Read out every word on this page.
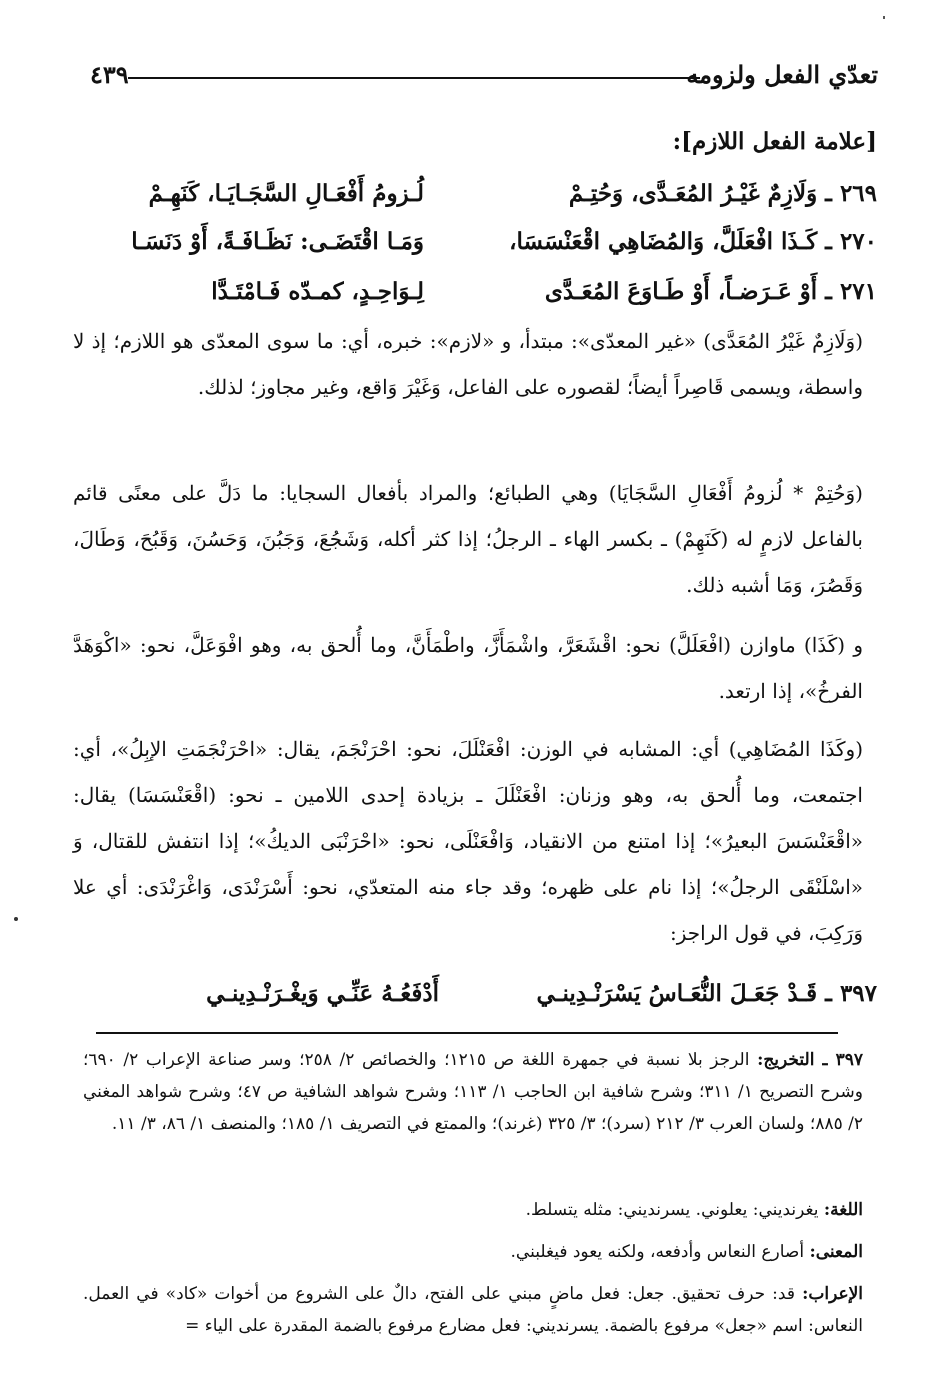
تعدّي الفعل ولزومه
٤٣٩
[علامة الفعل اللازم]:
٢٦٩ ـ وَلَازِمٌ غَيْـرُ المُعَـدَّى، وَحُتِـمْ
لُـزومُ أَفْعَـالِ السَّجَـايَـا، كَنَهِـمْ
٢٧٠ ـ كَـذَا افْعَلَلَّ، وَالمُضَاهِي اقْعَنْسَسَا،
وَمَـا اقْتَضَـى: نَظَـافَـةً، أَوْ دَنَسَـا
٢٧١ ـ أَوْ عَـرَضـاً، أَوْ طَـاوَعَ المُعَـدَّى
لِـوَاحِـدٍ، كمـدّه فَـامْتَـدَّا

(وَلَازِمٌ غَيْرُ المُعَدَّى) «غير المعدّى»: مبتدأ، و «لازم»: خبره، أي: ما سوى المعدّى هو اللازم؛ إذ لا واسطة، ويسمى قَاصِراً أيضاً؛ لقصوره على الفاعل، وَغَيْرَ وَاقع، وغير مجاوز؛ لذلك.

(وَحُتِمْ * لُزومُ أَفْعَالِ السَّجَايَا) وهي الطبائع؛ والمراد بأفعال السجايا: ما دَلَّ على معنًى قائم بالفاعل لازمٍ له (كَنَهِمْ) ـ بكسر الهاء ـ الرجلُ؛ إذا كثر أكله، وَشَجُعَ، وَجَبُنَ، وَحَسُنَ، وَقَبُحَ، وَطَالَ، وَقَصُرَ، وَمَا أشبه ذلك.

و (كَذَا) ماوازن (افْعَلَلَّ) نحو: اقْشَعَرَّ، واشْمَأَزَّ، واطْمَأَنَّ، وما أُلحق به، وهو افْوَعَلَّ، نحو: «اكْوَهَدَّ الفرخُ»، إذا ارتعد.

(وكَذَا المُضَاهِي) أي: المشابه في الوزن: افْعَنْلَلَ، نحو: احْرَنْجَمَ، يقال: «احْرَنْجَمَتِ الإبِلُ»، أي: اجتمعت، وما أُلحق به، وهو وزنان: افْعَنْلَلَ ـ بزيادة إحدى اللامين ـ نحو: (اقْعَنْسَسَا) يقال: «اقْعَنْسَسَ البعيرُ»؛ إذا امتنع من الانقياد، وَافْعَنْلَى، نحو: «احْرَنْبَى الديكُ»؛ إذا انتفش للقتال، وَ «اسْلَنْقَى الرجلُ»؛ إذا نام على ظهره؛ وقد جاء منه المتعدّي، نحو: أَسْرَنْدَى، وَاغْرَنْدَى: أي علا وَرَكِبَ، في قول الراجز:

٣٩٧ ـ قَـدْ جَعَـلَ النُّعَـاسُ يَسْرَنْـدِينـي
أَدْفَعُـهُ عَنِّـي وَيغْـرَنْـدِينـي

٣٩٧ ـ التخريج: الرجز بلا نسبة في جمهرة اللغة ص ١٢١٥؛ والخصائص ٢/ ٢٥٨؛ وسر صناعة الإعراب ٢/ ٦٩٠؛ وشرح التصريح ١/ ٣١١؛ وشرح شافية ابن الحاجب ١/ ١١٣؛ وشرح شواهد الشافية ص ٤٧؛ وشرح شواهد المغني ٢/ ٨٨٥؛ ولسان العرب ٣/ ٢١٢ (سرد)؛ ٣/ ٣٢٥ (غرند)؛ والممتع في التصريف ١/ ١٨٥؛ والمنصف ١/ ٨٦، ٣/ ١١.

اللغة: يغرنديني: يعلوني. يسرنديني: مثله يتسلط.

المعنى: أصارع النعاس وأدفعه، ولكنه يعود فيغلبني.

الإعراب: قد: حرف تحقيق. جعل: فعل ماضٍ مبني على الفتح، دالٌ على الشروع من أخوات «كاد» في العمل. النعاس: اسم «جعل» مرفوع بالضمة. يسرنديني: فعل مضارع مرفوع بالضمة المقدرة على الياء =
